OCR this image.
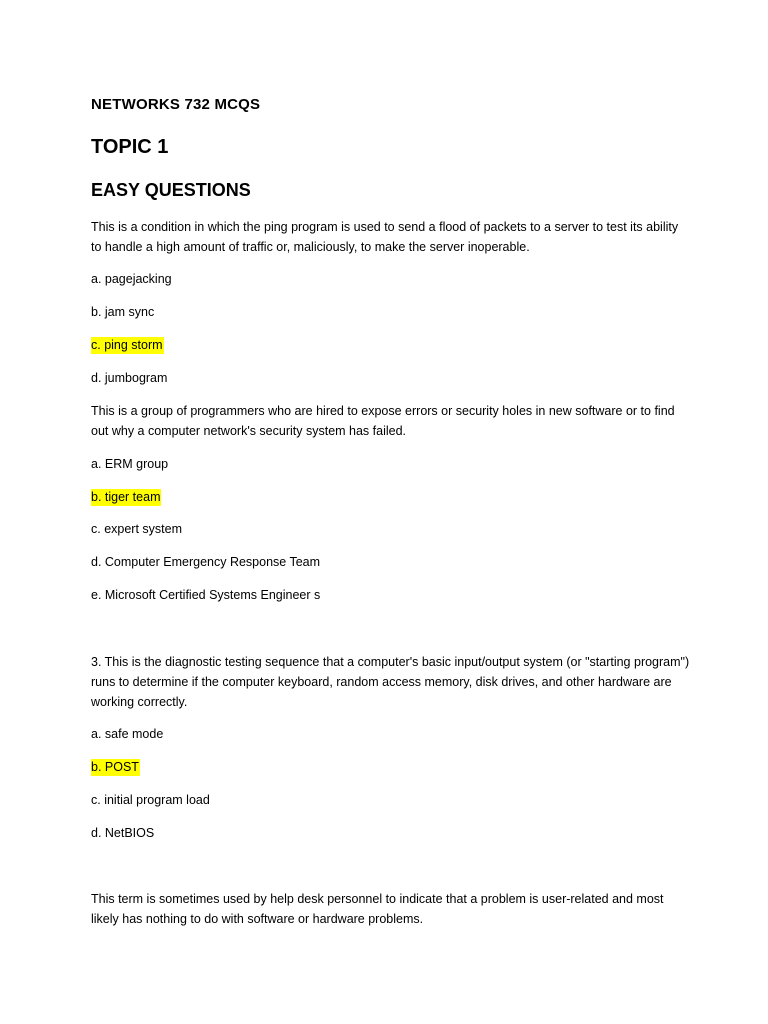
NETWORKS 732 MCQS
TOPIC 1
EASY QUESTIONS
This is a condition in which the ping program is used to send a flood of packets to a server to test its ability to handle a high amount of traffic or, maliciously, to make the server inoperable.
a. pagejacking
b. jam sync
c. ping storm
d. jumbogram
This is a group of programmers who are hired to expose errors or security holes in new software or to find out why a computer network's security system has failed.
a. ERM group
b. tiger team
c. expert system
d. Computer Emergency Response Team
e. Microsoft Certified Systems Engineer s
3. This is the diagnostic testing sequence that a computer's basic input/output system (or "starting program") runs to determine if the computer keyboard, random access memory, disk drives, and other hardware are working correctly.
a. safe mode
b. POST
c. initial program load
d. NetBIOS
This term is sometimes used by help desk personnel to indicate that a problem is user-related and most likely has nothing to do with software or hardware problems.
